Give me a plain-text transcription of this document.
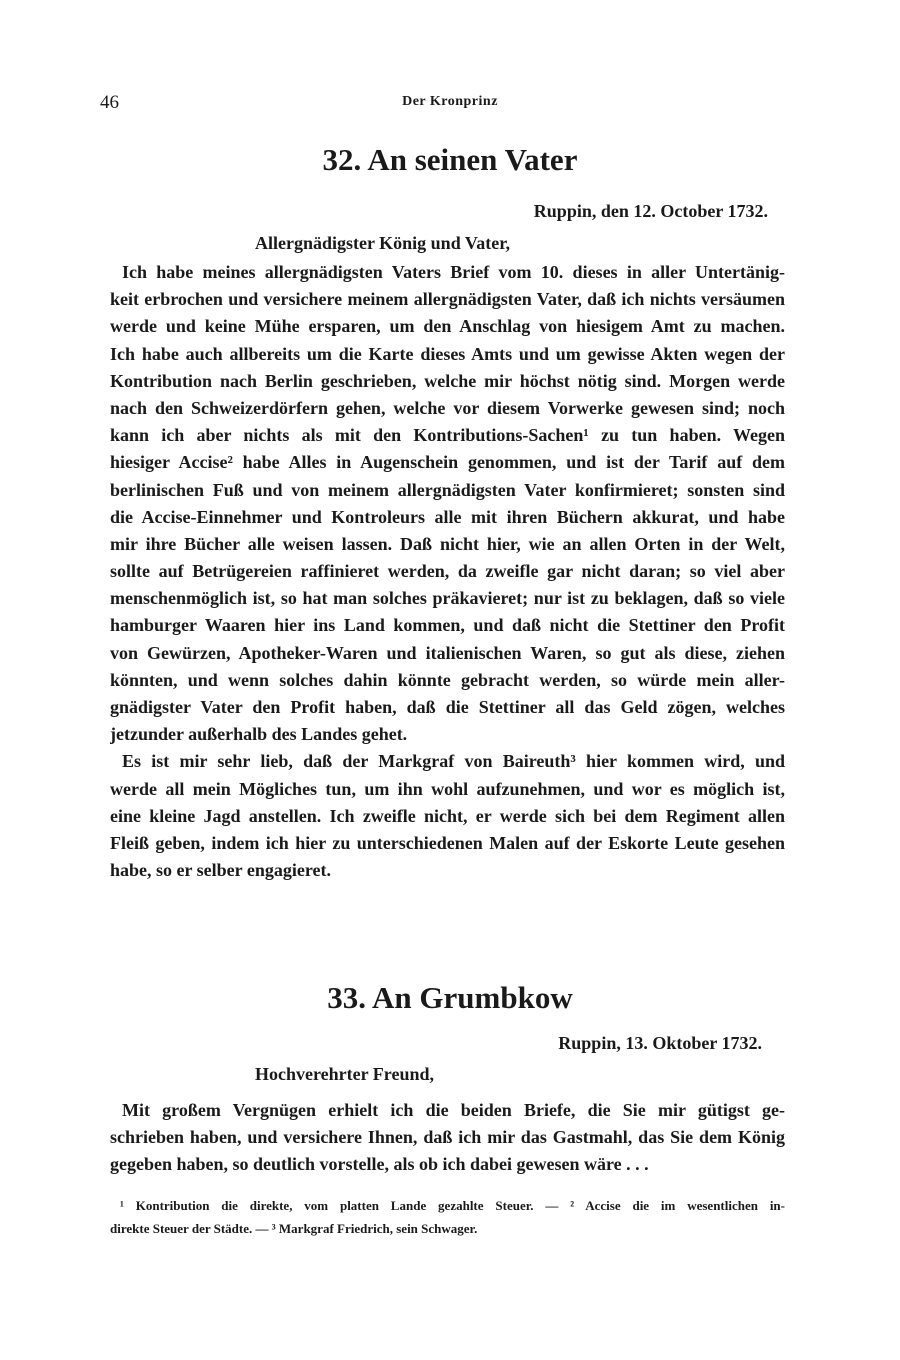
46	Der Kronprinz
32. An seinen Vater
Ruppin, den 12. October 1732.
Allergnädigster König und Vater,
Ich habe meines allergnädigsten Vaters Brief vom 10. dieses in aller Untertänig-
keit erbrochen und versichere meinem allergnädigsten Vater, daß ich nichts versäumen
werde und keine Mühe ersparen, um den Anschlag von hiesigem Amt zu machen.
Ich habe auch allbereits um die Karte dieses Amts und um gewisse Akten wegen der
Kontribution nach Berlin geschrieben, welche mir höchst nötig sind. Morgen werde
nach den Schweizerdörfern gehen, welche vor diesem Vorwerke gewesen sind; noch
kann ich aber nichts als mit den Kontributions-Sachen¹ zu tun haben. Wegen
hiesiger Accise² habe Alles in Augenschein genommen, und ist der Tarif auf dem
berlinischen Fuß und von meinem allergnädigsten Vater konfirmieret; sonsten sind
die Accise-Einnehmer und Kontroleurs alle mit ihren Büchern akkurat, und habe
mir ihre Bücher alle weisen lassen. Daß nicht hier, wie an allen Orten in der Welt,
sollte auf Betrügereien raffinieret werden, da zweifle gar nicht daran; so viel aber
menschenmöglich ist, so hat man solches präkavieret; nur ist zu beklagen, daß so viele
hamburger Waaren hier ins Land kommen, und daß nicht die Stettiner den Profit
von Gewürzen, Apotheker-Waren und italienischen Waren, so gut als diese, ziehen
könnten, und wenn solches dahin könnte gebracht werden, so würde mein aller-
gnädigster Vater den Profit haben, daß die Stettiner all das Geld zögen, welches
jetzunder außerhalb des Landes gehet.
Es ist mir sehr lieb, daß der Markgraf von Baireuth³ hier kommen wird, und
werde all mein Mögliches tun, um ihn wohl aufzunehmen, und wor es möglich ist,
eine kleine Jagd anstellen. Ich zweifle nicht, er werde sich bei dem Regiment allen
Fleiß geben, indem ich hier zu unterschiedenen Malen auf der Eskorte Leute gesehen
habe, so er selber engagieret.
33. An Grumbkow
Ruppin, 13. Oktober 1732.
Hochverehrter Freund,
Mit großem Vergnügen erhielt ich die beiden Briefe, die Sie mir gütigst ge-
schrieben haben, und versichere Ihnen, daß ich mir das Gastmahl, das Sie dem König
gegeben haben, so deutlich vorstelle, als ob ich dabei gewesen wäre . . .
¹ Kontribution die direkte, vom platten Lande gezahlte Steuer. — ² Accise die im wesentlichen in-
direkte Steuer der Städte. — ³ Markgraf Friedrich, sein Schwager.
